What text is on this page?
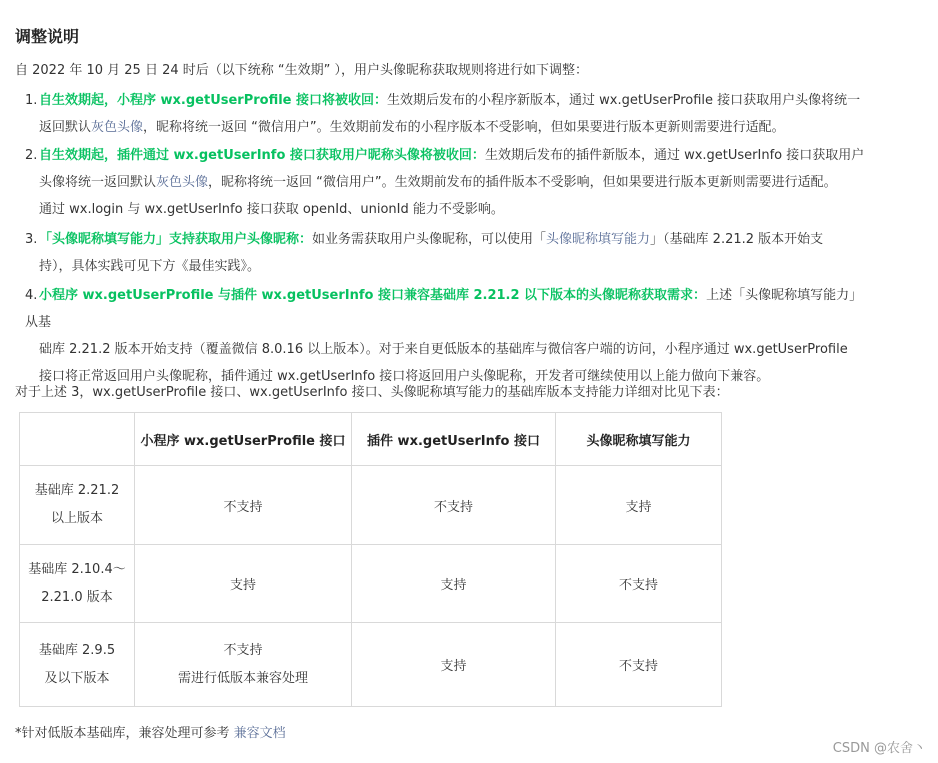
调整说明
自 2022 年 10 月 25 日 24 时后（以下统称 “生效期” ），用户头像昵称获取规则将进行如下调整：
1. 自生效期起，小程序 wx.getUserProfile 接口将被收回：生效期后发布的小程序新版本，通过 wx.getUserProfile 接口获取用户头像将统一
返回默认灰色头像，昵称将统一返回 “微信用户”。生效期前发布的小程序版本不受影响，但如果要进行版本更新则需要进行适配。
2. 自生效期起，插件通过 wx.getUserInfo 接口获取用户昵称头像将被收回：生效期后发布的插件新版本，通过 wx.getUserInfo 接口获取用户
头像将统一返回默认灰色头像，昵称将统一返回 “微信用户”。生效期前发布的插件版本不受影响，但如果要进行版本更新则需要进行适配。
通过 wx.login 与 wx.getUserInfo 接口获取 openId、unionId 能力不受影响。
3. 「头像昵称填写能力」支持获取用户头像昵称：如业务需获取用户头像昵称，可以使用「头像昵称填写能力」（基础库 2.21.2 版本开始支
持），具体实践可见下方《最佳实践》。
4. 小程序 wx.getUserProfile 与插件 wx.getUserInfo 接口兼容基础库 2.21.2 以下版本的头像昵称获取需求：上述「头像昵称填写能力」从基
础库 2.21.2 版本开始支持（覆盖微信 8.0.16 以上版本）。对于来自更低版本的基础库与微信客户端的访问，小程序通过 wx.getUserProfile
接口将正常返回用户头像昵称，插件通过 wx.getUserInfo 接口将返回用户头像昵称，开发者可继续使用以上能力做向下兼容。
对于上述 3，wx.getUserProfile 接口、wx.getUserInfo 接口、头像昵称填写能力的基础库版本支持能力详细对比见下表：
	小程序 wx.getUserProfile 接口	插件 wx.getUserInfo 接口	头像昵称填写能力

基础库 2.21.2
以上版本	不支持	不支持	支持

基础库 2.10.4～
2.21.0 版本	支持	支持	不支持

基础库 2.9.5
及以下版本	不支持
需进行低版本兼容处理	支持	不支持
*针对低版本基础库，兼容处理可参考 兼容文档
CSDN @农舍丶
